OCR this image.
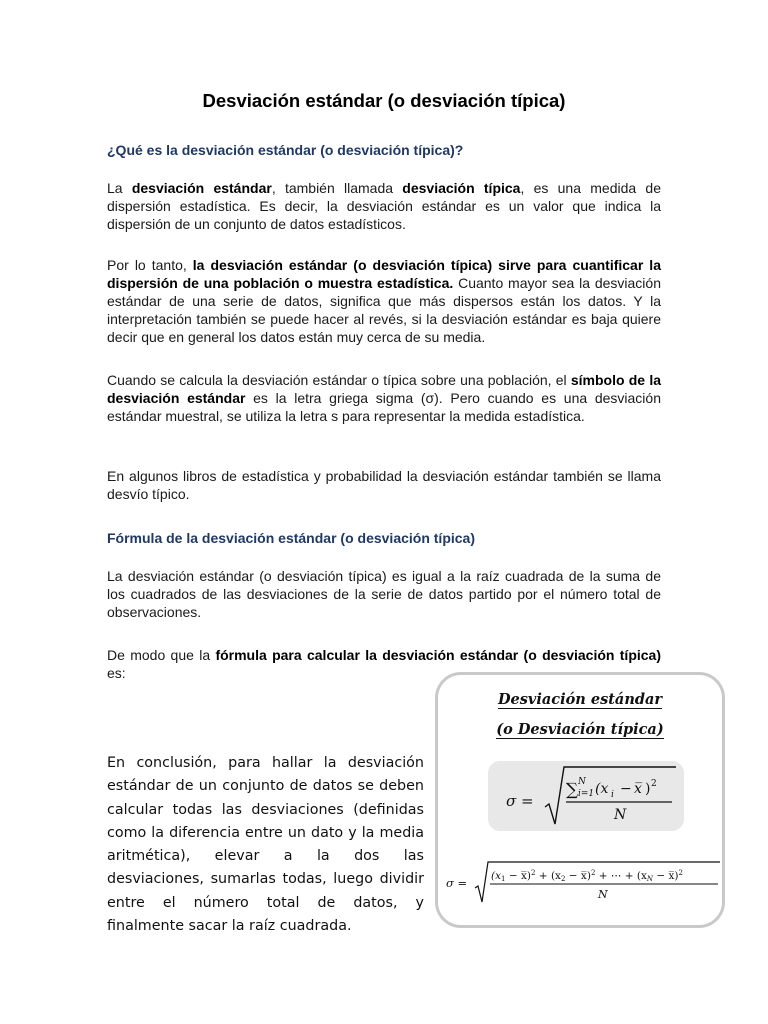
Desviación estándar (o desviación típica)
¿Qué es la desviación estándar (o desviación típica)?

La desviación estándar, también llamada desviación típica, es una medida de dispersión estadística. Es decir, la desviación estándar es un valor que indica la dispersión de un conjunto de datos estadísticos.

Por lo tanto, la desviación estándar (o desviación típica) sirve para cuantificar la dispersión de una población o muestra estadística. Cuanto mayor sea la desviación estándar de una serie de datos, significa que más dispersos están los datos. Y la interpretación también se puede hacer al revés, si la desviación estándar es baja quiere decir que en general los datos están muy cerca de su media.

Cuando se calcula la desviación estándar o típica sobre una población, el símbolo de la desviación estándar es la letra griega sigma (σ). Pero cuando es una desviación estándar muestral, se utiliza la letra s para representar la medida estadística.

En algunos libros de estadística y probabilidad la desviación estándar también se llama desvío típico.

Fórmula de la desviación estándar (o desviación típica)

La desviación estándar (o desviación típica) es igual a la raíz cuadrada de la suma de los cuadrados de las desviaciones de la serie de datos partido por el número total de observaciones.

De modo que la fórmula para calcular la desviación estándar (o desviación típica) es:

En conclusión, para hallar la desviación estándar de un conjunto de datos se deben calcular todas las desviaciones (definidas como la diferencia entre un dato y la media aritmética), elevar a la dos las desviaciones, sumarlas todas, luego dividir entre el número total de datos, y finalmente sacar la raíz cuadrada.

Desviación estándar
(o Desviación típica)
σ =
∑ N
i=1 (x i − x̅ ) 2
N
σ = (x1 − x̅)$^2$ + (x2 − x̅)$^2$ + ⋯ + (xN − x̅)$^2$
N
